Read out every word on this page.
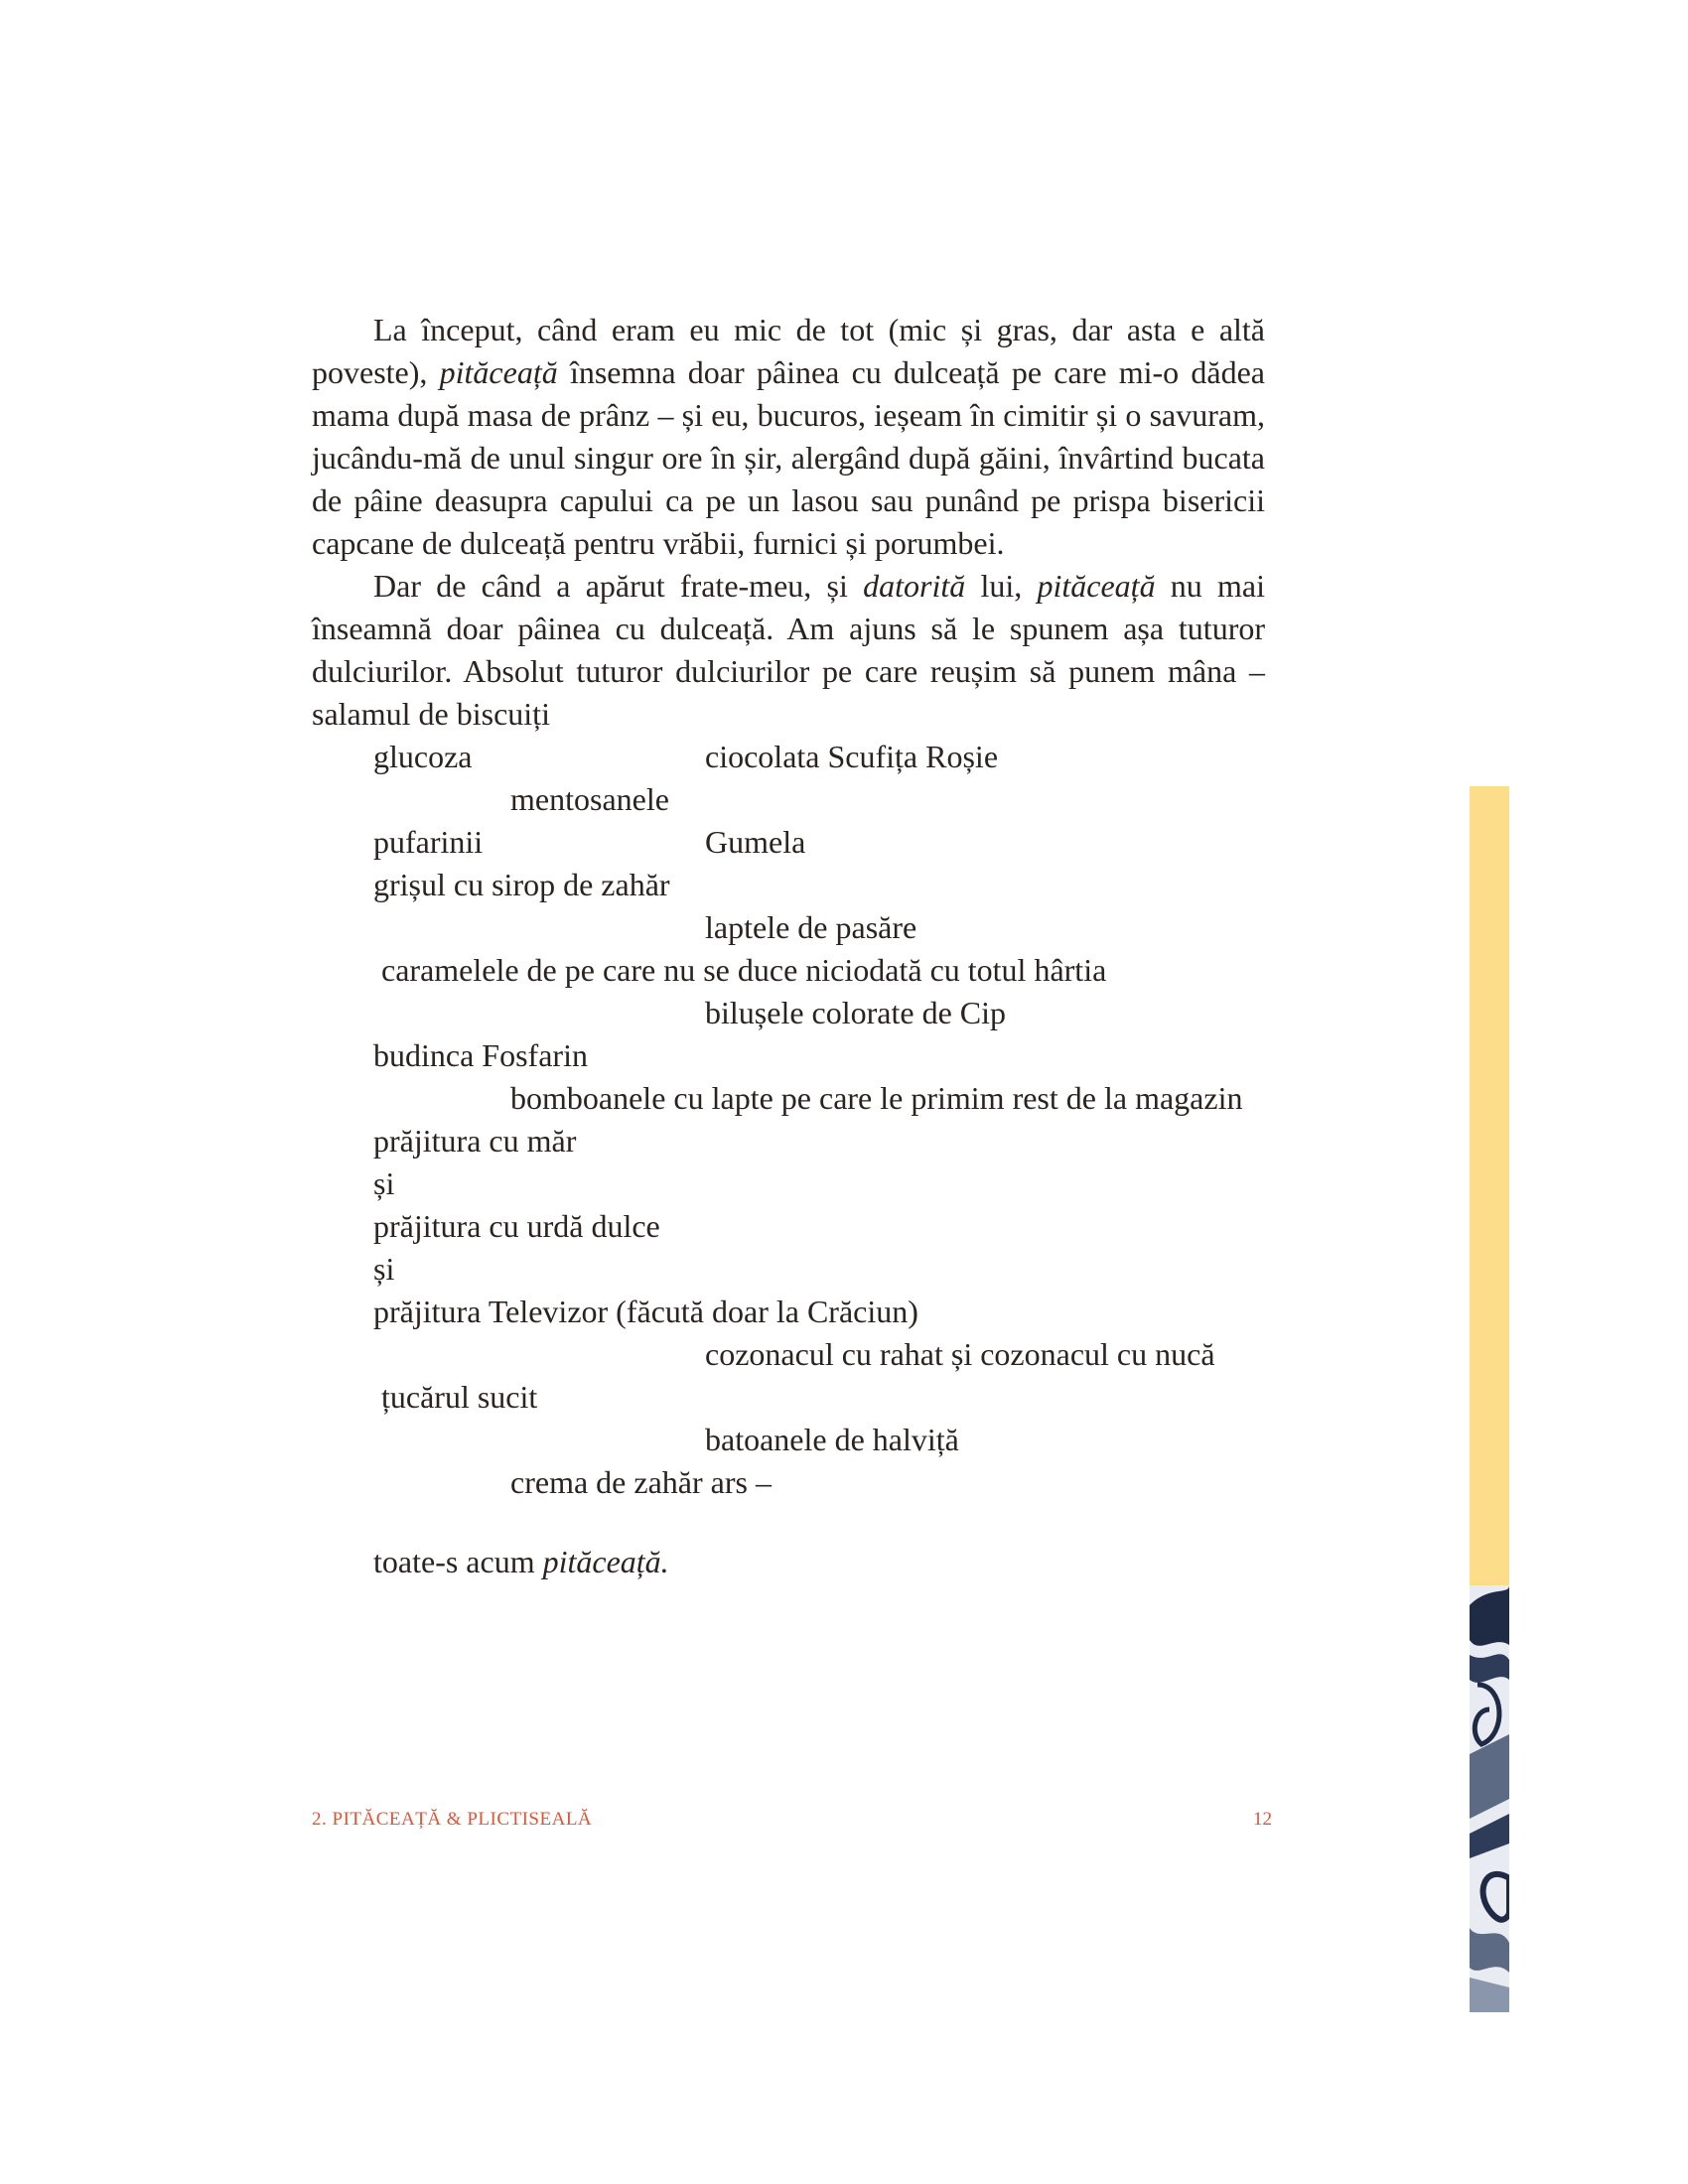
La început, când eram eu mic de tot (mic și gras, dar asta e altă poveste), pităceață însemna doar pâinea cu dulceață pe care mi-o dădea mama după masa de prânz – și eu, bucuros, ieșeam în cimitir și o savuram, jucându-mă de unul singur ore în șir, alergând după găini, învârtind bucata de pâine deasupra capului ca pe un lasou sau punând pe prispa bisericii capcane de dulceață pentru vrăbii, furnici și porumbei.
Dar de când a apărut frate-meu, și datorită lui, pităceață nu mai înseamnă doar pâinea cu dulceață. Am ajuns să le spunem așa tuturor dulciurilor. Absolut tuturor dulciurilor pe care reușim să punem mâna – salamul de biscuiți
glucoza	ciocolata Scufița Roșie
mentosanele
pufarinii	Gumela
grișul cu sirop de zahăr
laptele de pasăre
caramelele de pe care nu se duce niciodată cu totul hârtia
bilușele colorate de Cip
budinca Fosfarin
bomboanele cu lapte pe care le primim rest de la magazin
prăjitura cu măr
și
prăjitura cu urdă dulce
și
prăjitura Televizor (făcută doar la Crăciun)
cozonacul cu rahat și cozonacul cu nucă
țucărul sucit
batoanele de halviță
crema de zahăr ars –
toate-s acum pităceață.
2. PITĂCEAȚĂ & PLICTISEALĂ	12
